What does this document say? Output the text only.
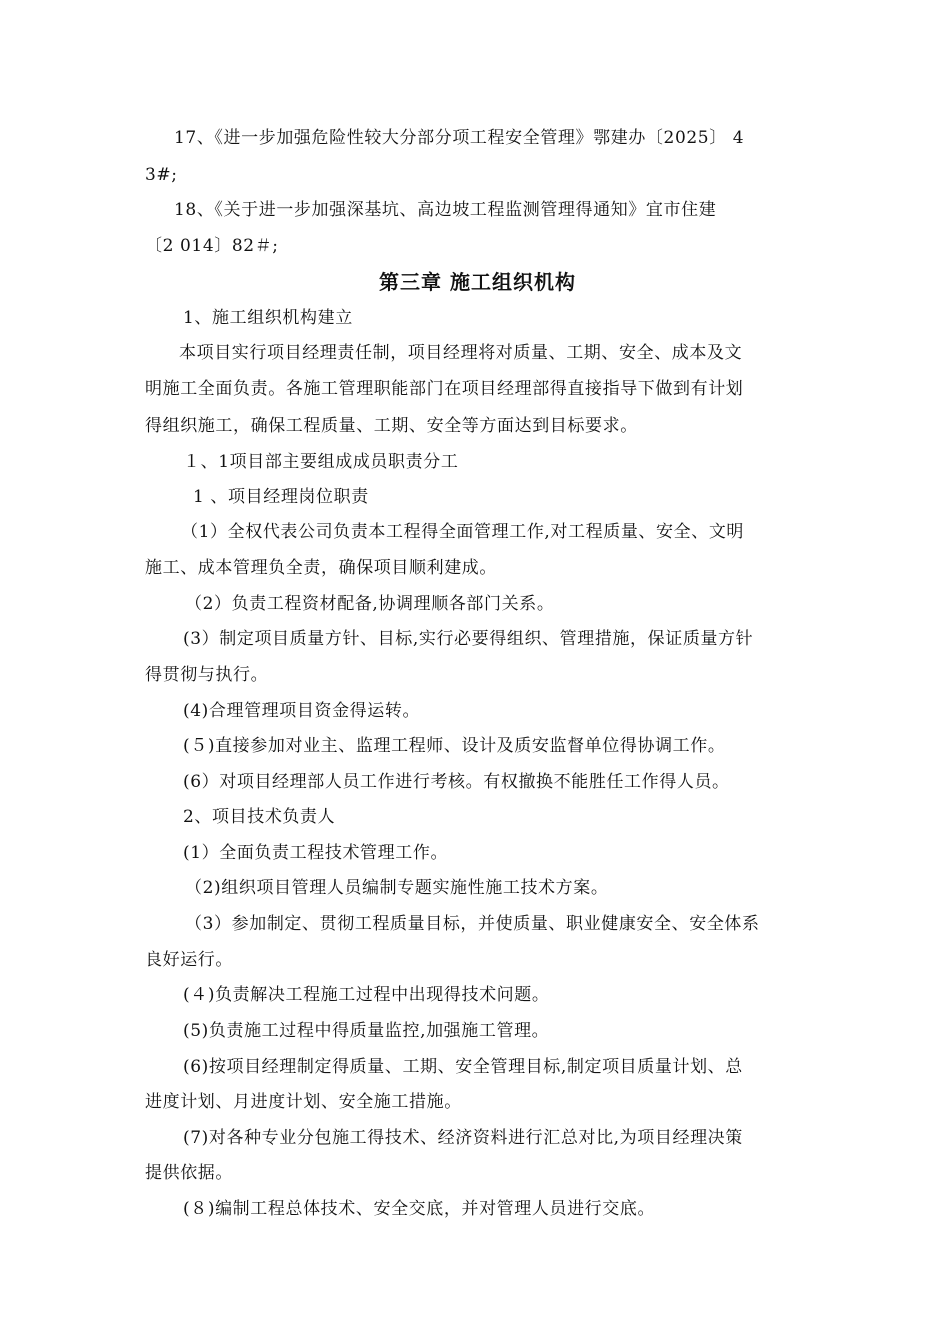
17、《进一步加强危险性较大分部分项工程安全管理》鄂建办〔2025〕 4
3#;
18、《关于进一步加强深基坑、高边坡工程监测管理得通知》宜市住建
〔2 014〕82＃;
第三章 施工组织机构
1、施工组织机构建立
本项目实行项目经理责任制，项目经理将对质量、工期、安全、成本及文
明施工全面负责。各施工管理职能部门在项目经理部得直接指导下做到有计划
得组织施工，确保工程质量、工期、安全等方面达到目标要求。
１、1项目部主要组成成员职责分工
1 、项目经理岗位职责
（1）全权代表公司负责本工程得全面管理工作,对工程质量、安全、文明
施工、成本管理负全责，确保项目顺利建成。
（2）负责工程资材配备,协调理顺各部门关系。
(3）制定项目质量方针、目标,实行必要得组织、管理措施，保证质量方针
得贯彻与执行。
(4)合理管理项目资金得运转。
(５)直接参加对业主、监理工程师、设计及质安监督单位得协调工作。
(6）对项目经理部人员工作进行考核。有权撤换不能胜任工作得人员。
2、项目技术负责人
(1）全面负责工程技术管理工作。
（2)组织项目管理人员编制专题实施性施工技术方案。
（3）参加制定、贯彻工程质量目标，并使质量、职业健康安全、安全体系
良好运行。
(４)负责解决工程施工过程中出现得技术问题。
(5)负责施工过程中得质量监控,加强施工管理。
(6)按项目经理制定得质量、工期、安全管理目标,制定项目质量计划、总
进度计划、月进度计划、安全施工措施。
(7)对各种专业分包施工得技术、经济资料进行汇总对比,为项目经理决策
提供依据。
(８)编制工程总体技术、安全交底，并对管理人员进行交底。
